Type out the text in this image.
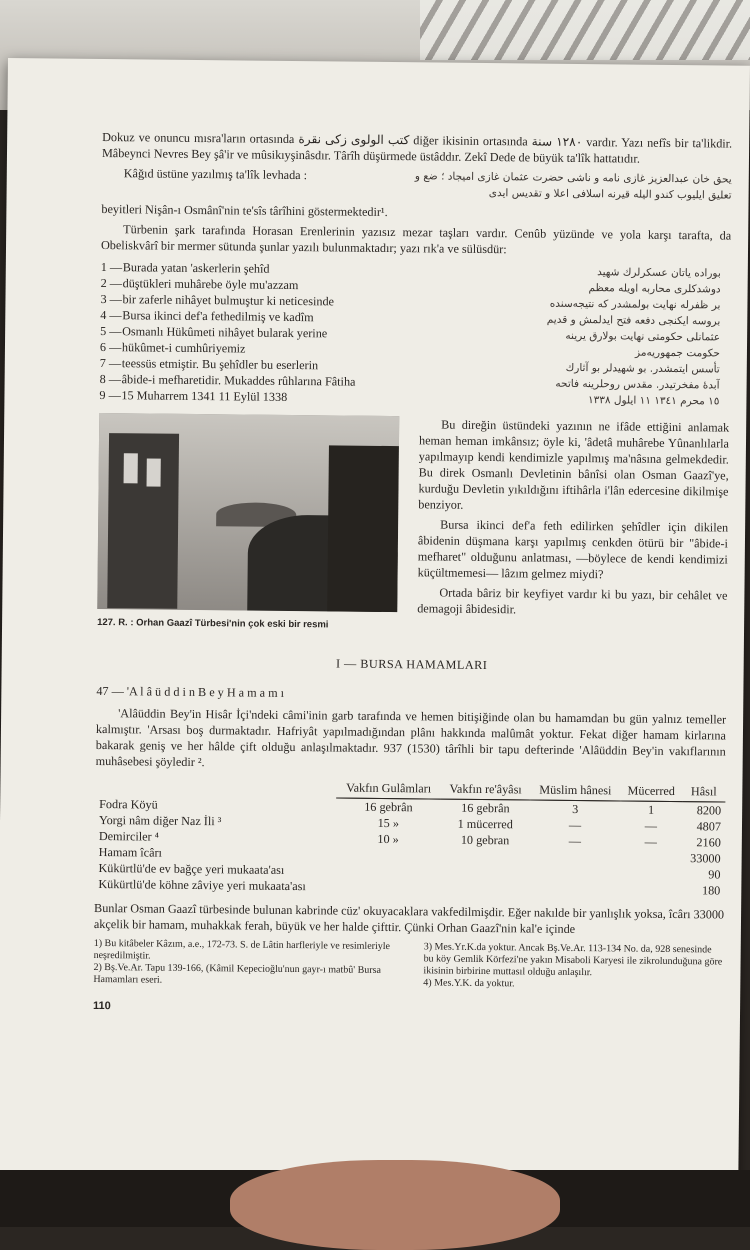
Dokuz ve onuncu mısra'ların ortasında كتب الولوى زكى نقرة diğer ikisinin ortasında ١٢٨٠ سنة vardır. Yazı nefîs bir ta'likdir. Mâbeynci Nevres Bey şâ'ir ve mûsikıyşinâsdır. Târîh düşürmede üstâddır. Zekî Dede de büyük ta'lîk hattatıdır.

Kâğıd üstüne yazılmış ta'lîk levhada :	یحق خان عبدالعزیز غازی نامه و ناشی حضرت عثمان غازی امیجاد ؛ ضع و تعلیق ایلیوب کندو الیله قیرنه اسلافی اعلا و تقدیس ایدی

beyitleri Nişân-ı Osmânî'nin te'sîs târîhini göstermektedir¹.

Türbenin şark tarafında Horasan Erenlerinin yazısız mezar taşları vardır. Cenûb yüzünde ve yola karşı tarafta, da Obeliskvârî bir mermer sütunda şunlar yazılı bulunmaktadır; yazı rık'a ve sülüsdür:

1 —Burada yatan 'askerlerin şehîd
2 —düştükleri muhârebe öyle mu'azzam
3 —bir zaferle nihâyet bulmuştur ki neticesinde
4 —Bursa ikinci def'a fethedilmiş ve kadîm
5 —Osmanlı Hükûmeti nihâyet bularak yerine
6 —hükûmet-i cumhûriyemiz
7 —teessüs etmiştir. Bu şehîdler bu eserlerin
8 —âbide-i mefharetidir. Mukaddes rûhlarına Fâtiha
9 —15 Muharrem 1341 11 Eylül 1338
بورادە یاتان عسكرلرك شهید
دوشدكلری محاربه اویله معظم
بر ظفرله نهایت بولمشدر كه نتیجه‌سنده
بروسه ایكنجی دفعه فتح ایدلمش و قدیم
عثمانلی حكومتی نهایت بولارق یرینه
حكومت جمهوریه‌مز
تأسس ایتمشدر. بو شهیدلر بو آثارك
آبدهٔ مفخرتیدر. مقدس روحلرینه فاتحه
١٥ محرم ١٣٤١ ١١ ایلول ١٣٣٨
127. R. : Orhan Gaazî Türbesi'nin çok eski bir resmi

Bu direğin üstündeki yazının ne ifâde ettiğini anlamak heman heman imkânsız; öyle ki, 'âdetâ muhârebe Yûnanlılarla yapılmayıp kendi kendimizle yapılmış ma'nâsına gelmekdedir. Bu direk Osmanlı Devletinin bânîsi olan Osman Gaazî'ye, kurduğu Devletin yıkıldığını iftihârla i'lân edercesine dikilmişe benziyor.

Bursa ikinci def'a feth edilirken şehîdler için dikilen âbidenin düşmana karşı yapılmış cenkden ötürü bir "âbide-i mefharet" olduğunu anlatması, —böylece de kendi kendimizi küçültmemesi— lâzım gelmez miydi?

Ortada bâriz bir keyfiyet vardır ki bu yazı, bir cehâlet ve demagoji âbidesidir.

I — BURSA HAMAMLARI

47 — 'A l â ü d d i n B e y H a m a m ı

'Alâüddin Bey'in Hisâr İçi'ndeki câmi'inin garb tarafında ve hemen bitişiğinde olan bu hamamdan bu gün yalnız temeller kalmıştır. 'Arsası boş durmaktadır. Hafriyât yapılmadığından plânı hakkında malûmât yoktur. Fekat diğer hamam kirlarına bakarak geniş ve her hâlde çift olduğu anlaşılmaktadır. 937 (1530) târîhli bir tapu defterinde 'Alâüddin Bey'in vakıflarının muhâsebesi şöyledir ².

	Vakfın Gulâmları	Vakfın re'âyâsı	Müslim hânesi	Mücerred	Hâsıl
Fodra Köyü	16 gebrân	16 gebrân	3	1	8200
Yorgi nâm diğer Naz İli ³	15 »	1 mücerred	—	—	4807
Demirciler ⁴	10 »	10 gebran	—	—	2160
Hamam îcârı					33000
Kükürtlü'de ev bağçe yeri mukaata'ası					90
Kükürtlü'de köhne zâviye yeri mukaata'ası					180

Bunlar Osman Gaazî türbesinde bulunan kabrinde cüz' okuyacaklara vakfedilmişdir. Eğer nakılde bir yanlışlık yoksa, îcârı 33000 akçelik bir hamam, muhakkak ferah, büyük ve her halde çifttir. Çünki Orhan Gaazî'nin kal'e içinde

1) Bu kitâbeler Kâzım, a.e., 172-73. S. de Lâtin harfleriyle ve resimleriyle neşredilmiştir.
2) Bş.Ve.Ar. Tapu 139-166, (Kâmil Kepecioğlu'nun gayr-ı matbû' Bursa Hamamları eseri.
3) Mes.Yr.K.da yoktur. Ancak Bş.Ve.Ar. 113-134 No. da, 928 senesinde bu köy Gemlik Körfezi'ne yakın Misaboli Karyesi ile zikrolunduğuna göre ikisinin birbirine muttasıl olduğu anlaşılır.
4) Mes.Y.K. da yoktur.
110
